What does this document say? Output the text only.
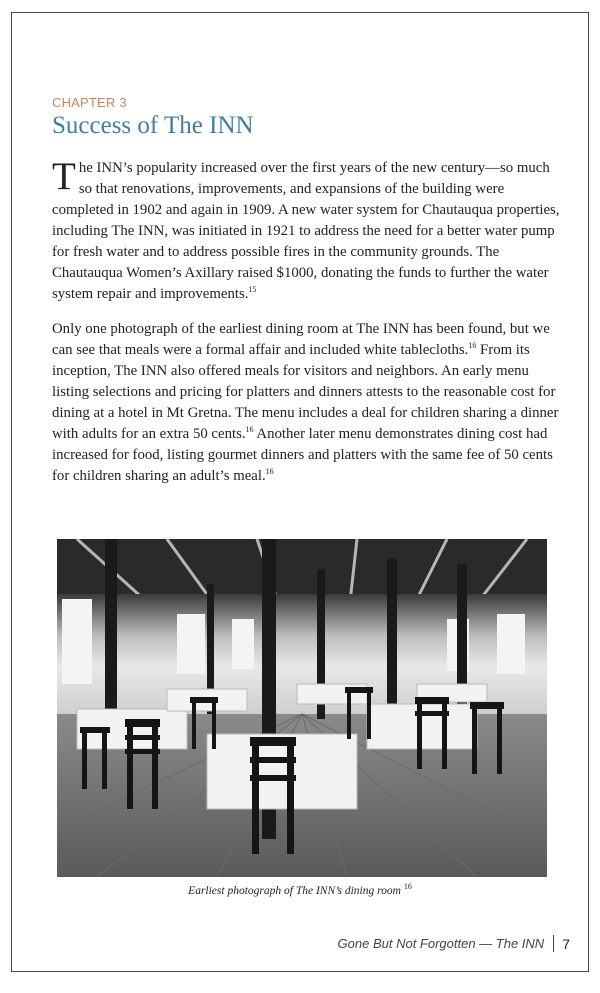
CHAPTER 3
Success of The INN

The INN’s popularity increased over the first years of the new century—so much so that renovations, improvements, and expansions of the building were completed in 1902 and again in 1909. A new water system for Chautauqua properties, including The INN, was initiated in 1921 to address the need for a better water pump for fresh water and to address possible fires in the community grounds. The Chautauqua Women’s Axillary raised $1000, donating the funds to further the water system repair and improvements.$^{15}$

Only one photograph of the earliest dining room at The INN has been found, but we can see that meals were a formal affair and included white tablecloths.$^{16}$ From its inception, The INN also offered meals for visitors and neighbors. An early menu listing selections and pricing for platters and dinners attests to the reasonable cost for dining at a hotel in Mt Gretna. The menu includes a deal for children sharing a dinner with adults for an extra 50 cents.$^{16}$ Another later menu demonstrates dining cost had increased for food, listing gourmet dinners and platters with the same fee of 50 cents for children sharing an adult’s meal.$^{16}$

Earliest photograph of The INN’s dining room $^{16}$
Gone But Not Forgotten — The INN 7
